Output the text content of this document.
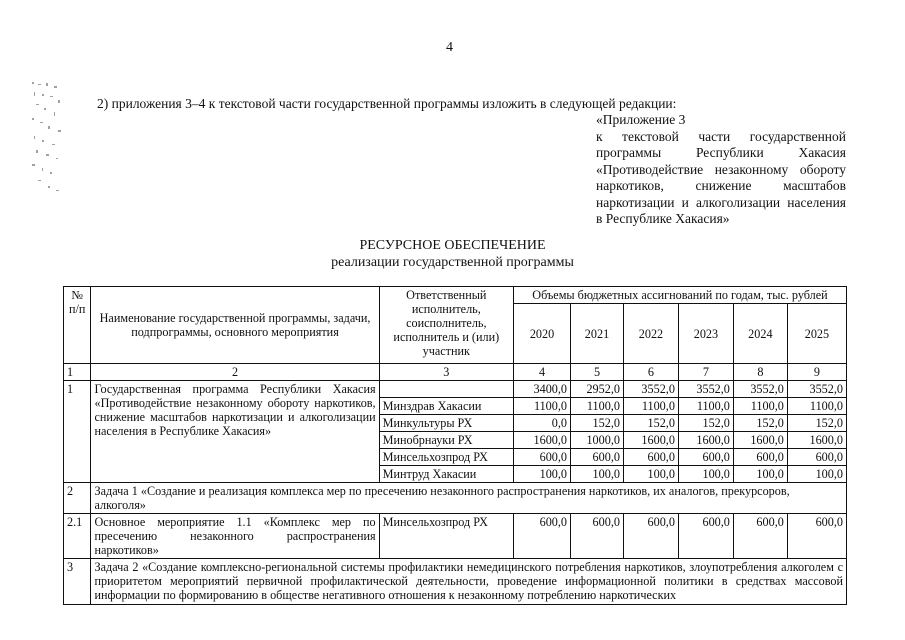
4
2) приложения 3–4 к текстовой части государственной программы изложить в следующей редакции:
«Приложение 3
к текстовой части государственной
программы Республики Хакасия
«Противодействие незаконному обороту
наркотиков, снижение масштабов
наркотизации и алкоголизации населения
в Республике Хакасия»
РЕСУРСНОЕ ОБЕСПЕЧЕНИЕ
реализации государственной программы
№ п/п	Наименование государственной программы, задачи, подпрограммы, основного мероприятия	Ответственный исполнитель, соисполнитель, исполнитель и (или) участник	Объемы бюджетных ассигнований по годам, тыс. рублей					
			2020	2021	2022	2023	2024	2025
1	2	3	4	5	6	7	8	9
1	Государственная программа Республики Хакасия «Противодействие незаконному обороту наркотиков, снижение масштабов наркотизации и алкоголизации населения в Республике Хакасия»		3400,0	2952,0	3552,0	3552,0	3552,0	3552,0
		Минздрав Хакасии	1100,0	1100,0	1100,0	1100,0	1100,0	1100,0
		Минкультуры РХ	0,0	152,0	152,0	152,0	152,0	152,0
		Минобрнауки РХ	1600,0	1000,0	1600,0	1600,0	1600,0	1600,0
		Минсельхозпрод РХ	600,0	600,0	600,0	600,0	600,0	600,0
		Минтруд Хакасии	100,0	100,0	100,0	100,0	100,0	100,0
2	Задача 1 «Создание и реализация комплекса мер по пресечению незаконного распространения наркотиков, их аналогов, прекурсоров, алкоголя»							
2.1	Основное мероприятие 1.1 «Комплекс мер по пресечению незаконного распространения наркотиков»	Минсельхозпрод РХ	600,0	600,0	600,0	600,0	600,0	600,0
3	Задача 2 «Создание комплексно-региональной системы профилактики немедицинского потребления наркотиков, злоупотребления алкоголем с приоритетом мероприятий первичной профилактической деятельности, проведение информационной политики в средствах массовой информации по формированию в обществе негативного отношения к незаконному потреблению наркотических							
